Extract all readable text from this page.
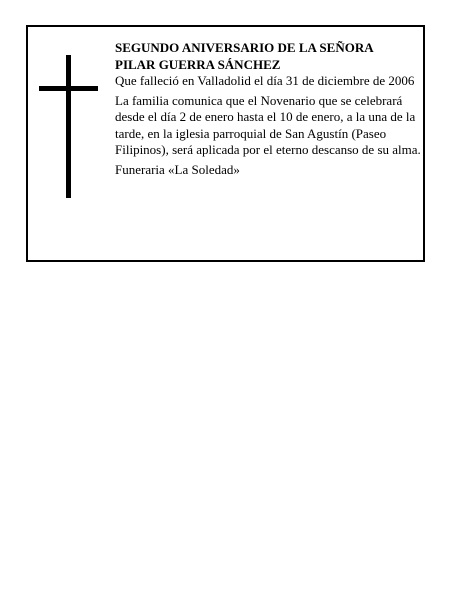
SEGUNDO ANIVERSARIO DE LA SEÑORA

PILAR GUERRA SÁNCHEZ

Que falleció en Valladolid el día 31 de diciembre de 2006

La familia comunica que el Novenario que se celebrará desde el día 2 de enero hasta el 10 de enero, a la una de la tarde, en la iglesia parroquial de San Agustín (Paseo Filipinos), será aplicada por el eterno descanso de su alma.

Funeraria «La Soledad»
